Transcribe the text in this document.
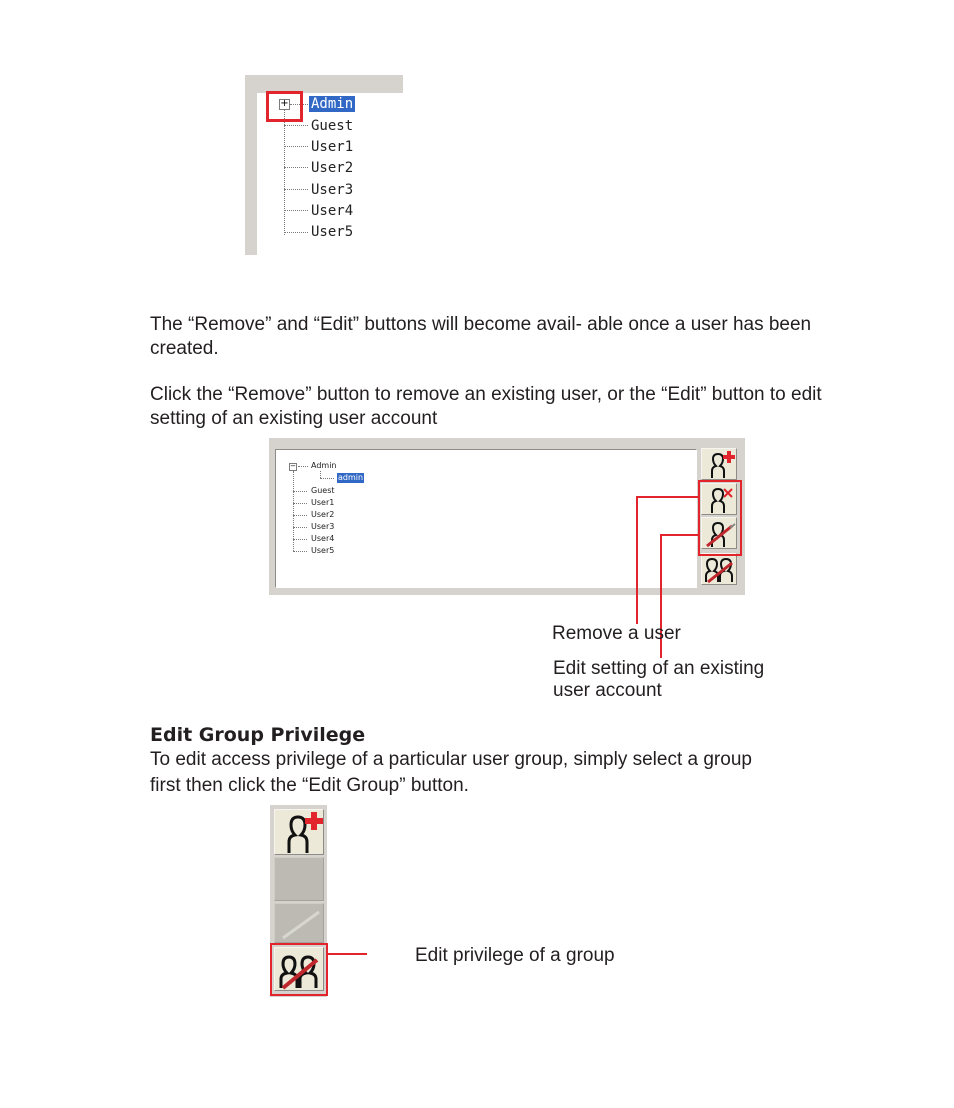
+ Admin
Guest
User1
User2
User3
User4
User5
The “Remove” and “Edit” buttons will become avail- able once a user has been created.
Click the “Remove” button to remove an existing user, or the “Edit” button to edit setting of an existing user account
− Admin
admin
Guest
User1
User2
User3
User4
User5
Remove a user
Edit setting of an existing
user account
Edit Group Privilege
To edit access privilege of a particular user group, simply select a group
first then click the “Edit Group” button.
Edit privilege of a group
